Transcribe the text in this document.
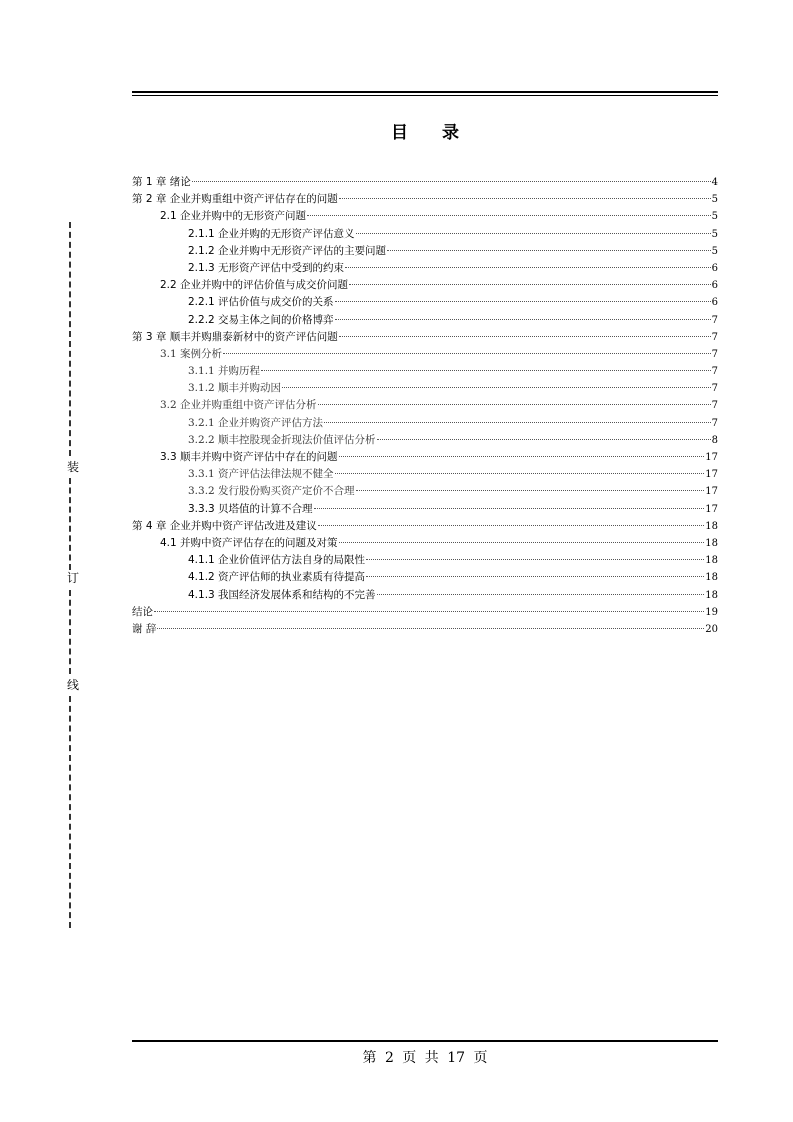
目 录
第 1 章 绪论	4
第 2 章 企业并购重组中资产评估存在的问题	5
2.1 企业并购中的无形资产问题	5
2.1.1 企业并购的无形资产评估意义	5
2.1.2 企业并购中无形资产评估的主要问题	5
2.1.3 无形资产评估中受到的约束	6
2.2 企业并购中的评估价值与成交价问题	6
2.2.1 评估价值与成交价的关系	6
2.2.2 交易主体之间的价格博弈	7
第 3 章 顺丰并购鼎泰新材中的资产评估问题	7
3.1 案例分析	7
3.1.1 并购历程	7
3.1.2 顺丰并购动因	7
3.2 企业并购重组中资产评估分析	7
3.2.1 企业并购资产评估方法	7
3.2.2 顺丰控股现金折现法价值评估分析	8
3.3 顺丰并购中资产评估中存在的问题	17
3.3.1 资产评估法律法规不健全	17
3.3.2 发行股份购买资产定价不合理	17
3.3.3 贝塔值的计算不合理	17
第 4 章 企业并购中资产评估改进及建议	18
4.1 并购中资产评估存在的问题及对策	18
4.1.1 企业价值评估方法自身的局限性	18
4.1.2 资产评估师的执业素质有待提高	18
4.1.3 我国经济发展体系和结构的不完善	18
结论	19
谢 辞	20
装
订
线
第 2 页 共 17 页
